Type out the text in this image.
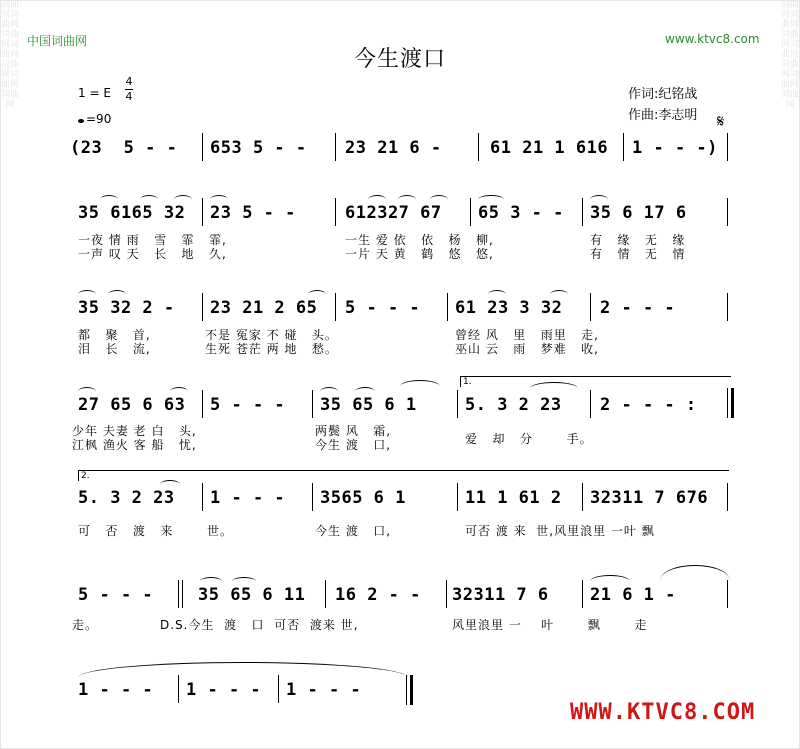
词曲网词曲网词曲网词曲网词曲网词曲网词曲网
词曲网词曲网词曲网词曲网词曲网词曲网词曲网
中国词曲网	www.ktvc8.com
今生渡口
1 = E
4
4
=90
作词:纪铭战
作曲:李志明 𝄋
1.
2.
(23  5 - - 653 5 - - 23 21 6 -	61 21 1 616 1 - - -)
35 6165 32 23 5 - -	612327 67 65 3 - - 35 6 17 6
一夜 情 雨   雪   霏   霏,
一声 叹 天   长   地   久,
一生 爱 依   依   杨   柳,
一片 天 黄   鹤   悠   悠,
有   缘   无   缘
有   情   无   情
35 32 2 - 23 21 2 65 5 - - - 61 23 3 32 2 - - -
都   聚   首,
泪   长   流,
不是 冤家 不 碰   头。
生死 苍茫 两 地   愁。
曾经 风   里   雨里   走,
巫山 云   雨   梦难   收,
27 65 6 63 5 - - - 35 65 6 1	5. 3 2 23 2 - - - :
少年 夫妻 老 白   头,
江枫 渔火 客 船   忧,
两鬓 风   霜,
今生 渡   口,	爱   却   分       手。
5. 3 2 23 1 - - - 3565 6 1	11 1 61 2 32311 7 676
可   否   渡   来       世。	今生 渡   口,	可否 渡 来  世,风里浪里 一叶 飘
5 - - -	35 65 6 11 16 2 - - 32311 7 6 21 6 1 -
走。	D.S.今生  渡   口  可否  渡来 世,	风里浪里 一    叶       飘       走
1 - - - 1 - - - 1 - - -
WWW.KTVC8.COM
